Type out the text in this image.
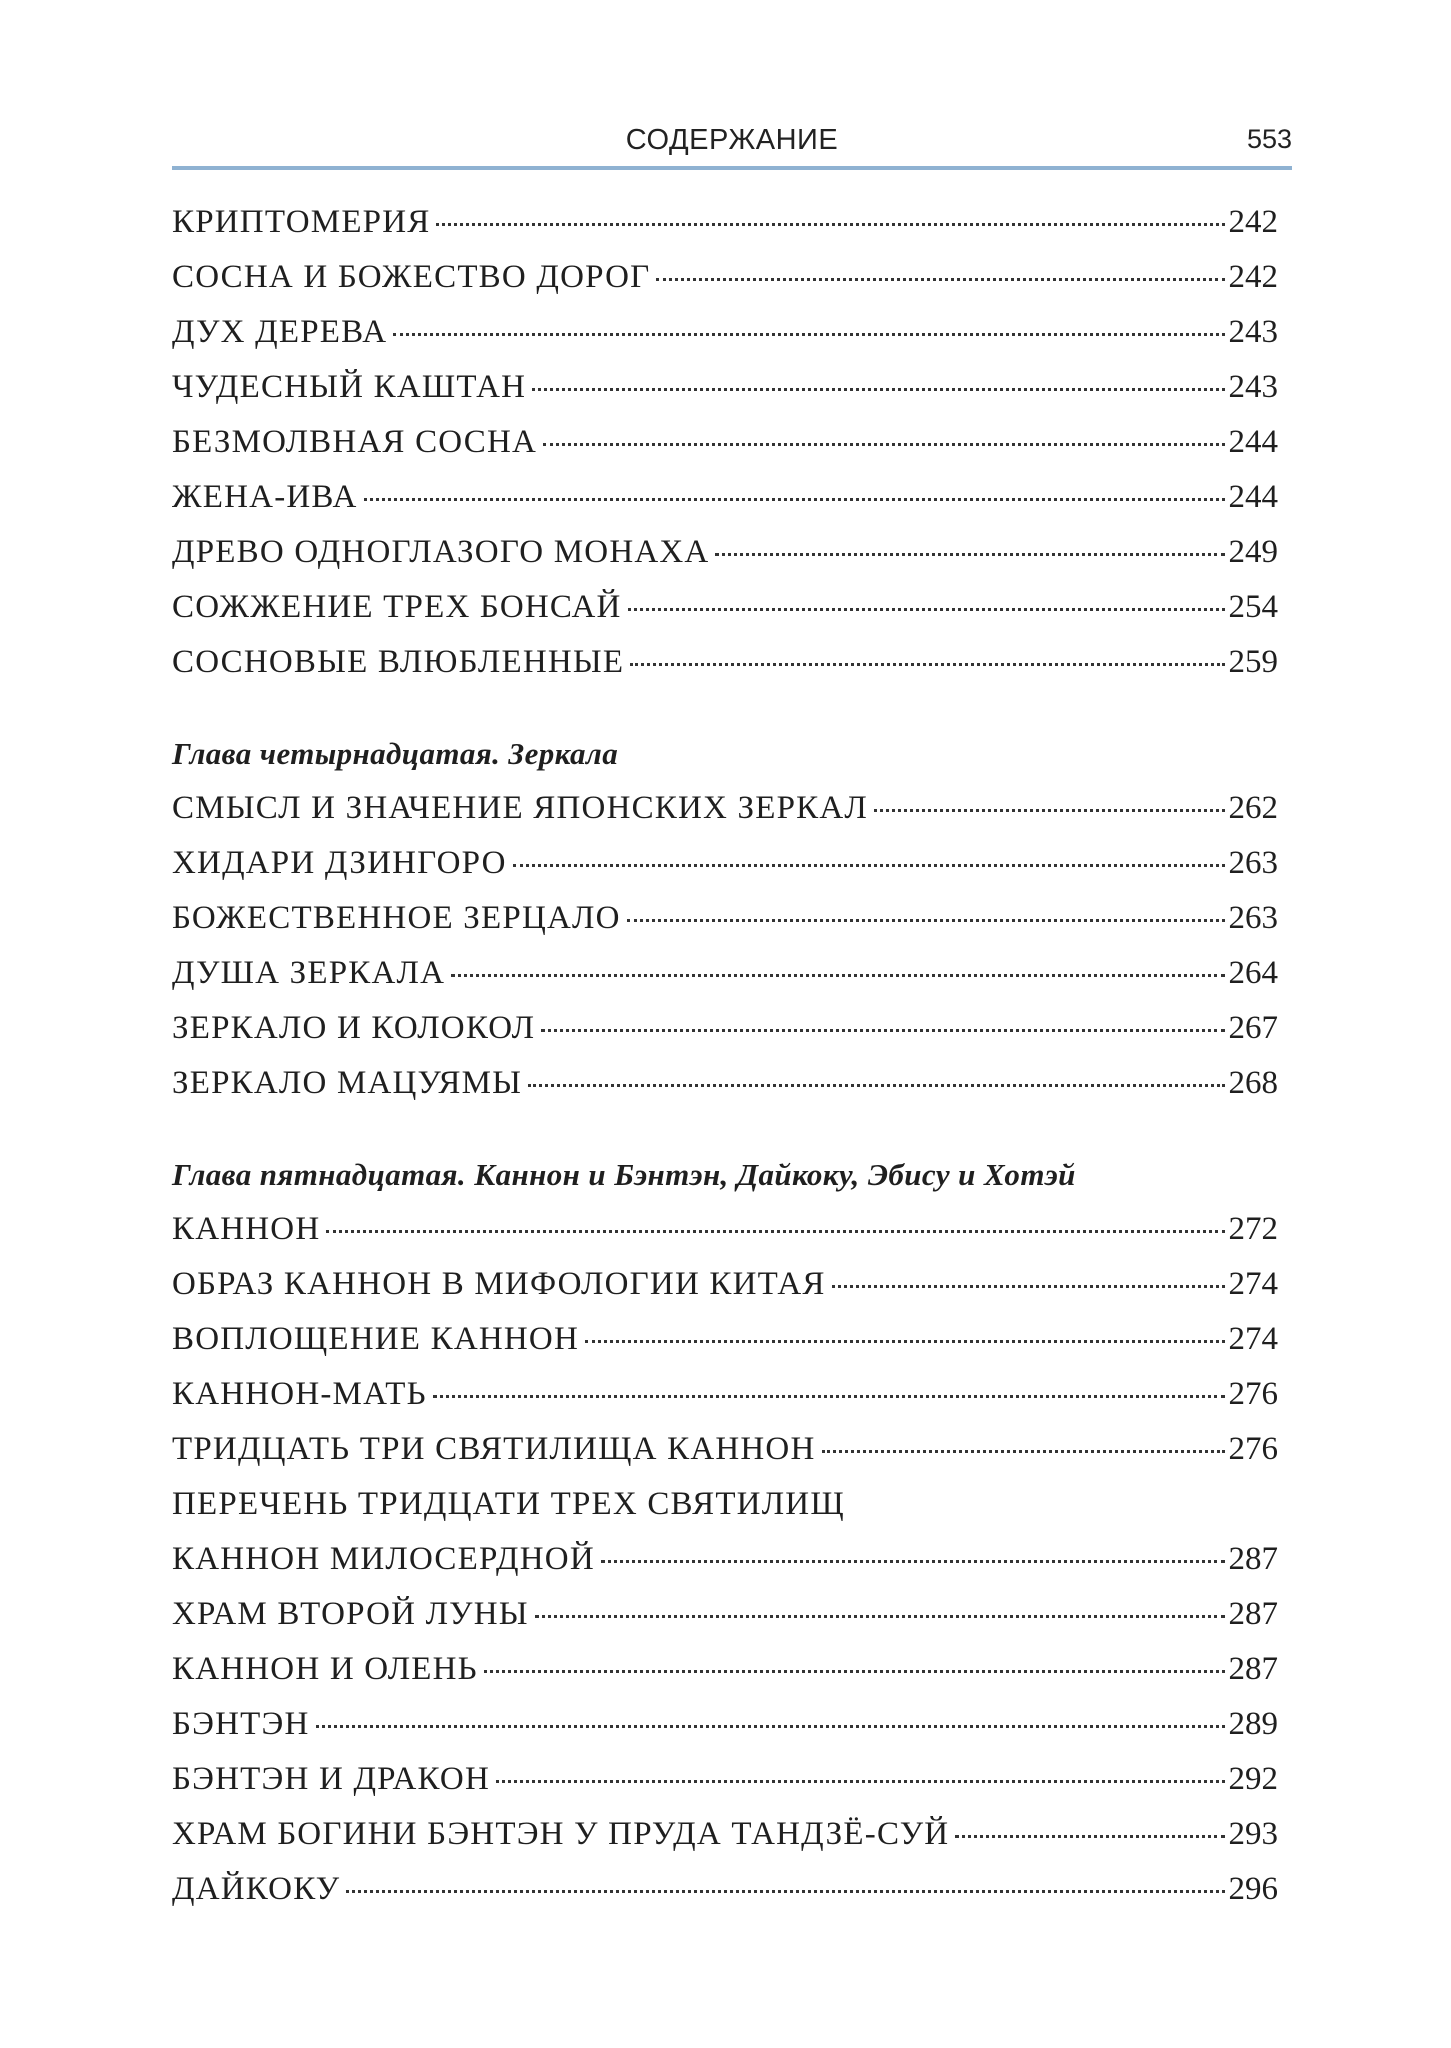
СОДЕРЖАНИЕ	553
КРИПТОМЕРИЯ	242
СОСНА И БОЖЕСТВО ДОРОГ	242
ДУХ ДЕРЕВА	243
ЧУДЕСНЫЙ КАШТАН	243
БЕЗМОЛВНАЯ СОСНА	244
ЖЕНА-ИВА	244
ДРЕВО ОДНОГЛАЗОГО МОНАХА	249
СОЖЖЕНИЕ ТРЕХ БОНСАЙ	254
СОСНОВЫЕ ВЛЮБЛЕННЫЕ	259
Глава четырнадцатая. Зеркала
СМЫСЛ И ЗНАЧЕНИЕ ЯПОНСКИХ ЗЕРКАЛ	262
ХИДАРИ ДЗИНГОРО	263
БОЖЕСТВЕННОЕ ЗЕРЦАЛО	263
ДУША ЗЕРКАЛА	264
ЗЕРКАЛО И КОЛОКОЛ	267
ЗЕРКАЛО МАЦУЯМЫ	268
Глава пятнадцатая. Каннон и Бэнтэн, Дайкоку, Эбису и Хотэй
КАННОН	272
ОБРАЗ КАННОН В МИФОЛОГИИ КИТАЯ	274
ВОПЛОЩЕНИЕ КАННОН	274
КАННОН-МАТЬ	276
ТРИДЦАТЬ ТРИ СВЯТИЛИЩА КАННОН	276
ПЕРЕЧЕНЬ ТРИДЦАТИ ТРЕХ СВЯТИЛИЩ
КАННОН МИЛОСЕРДНОЙ	287
ХРАМ ВТОРОЙ ЛУНЫ	287
КАННОН И ОЛЕНЬ	287
БЭНТЭН	289
БЭНТЭН И ДРАКОН	292
ХРАМ БОГИНИ БЭНТЭН У ПРУДА ТАНДЗЁ-СУЙ	293
ДАЙКОКУ	296
